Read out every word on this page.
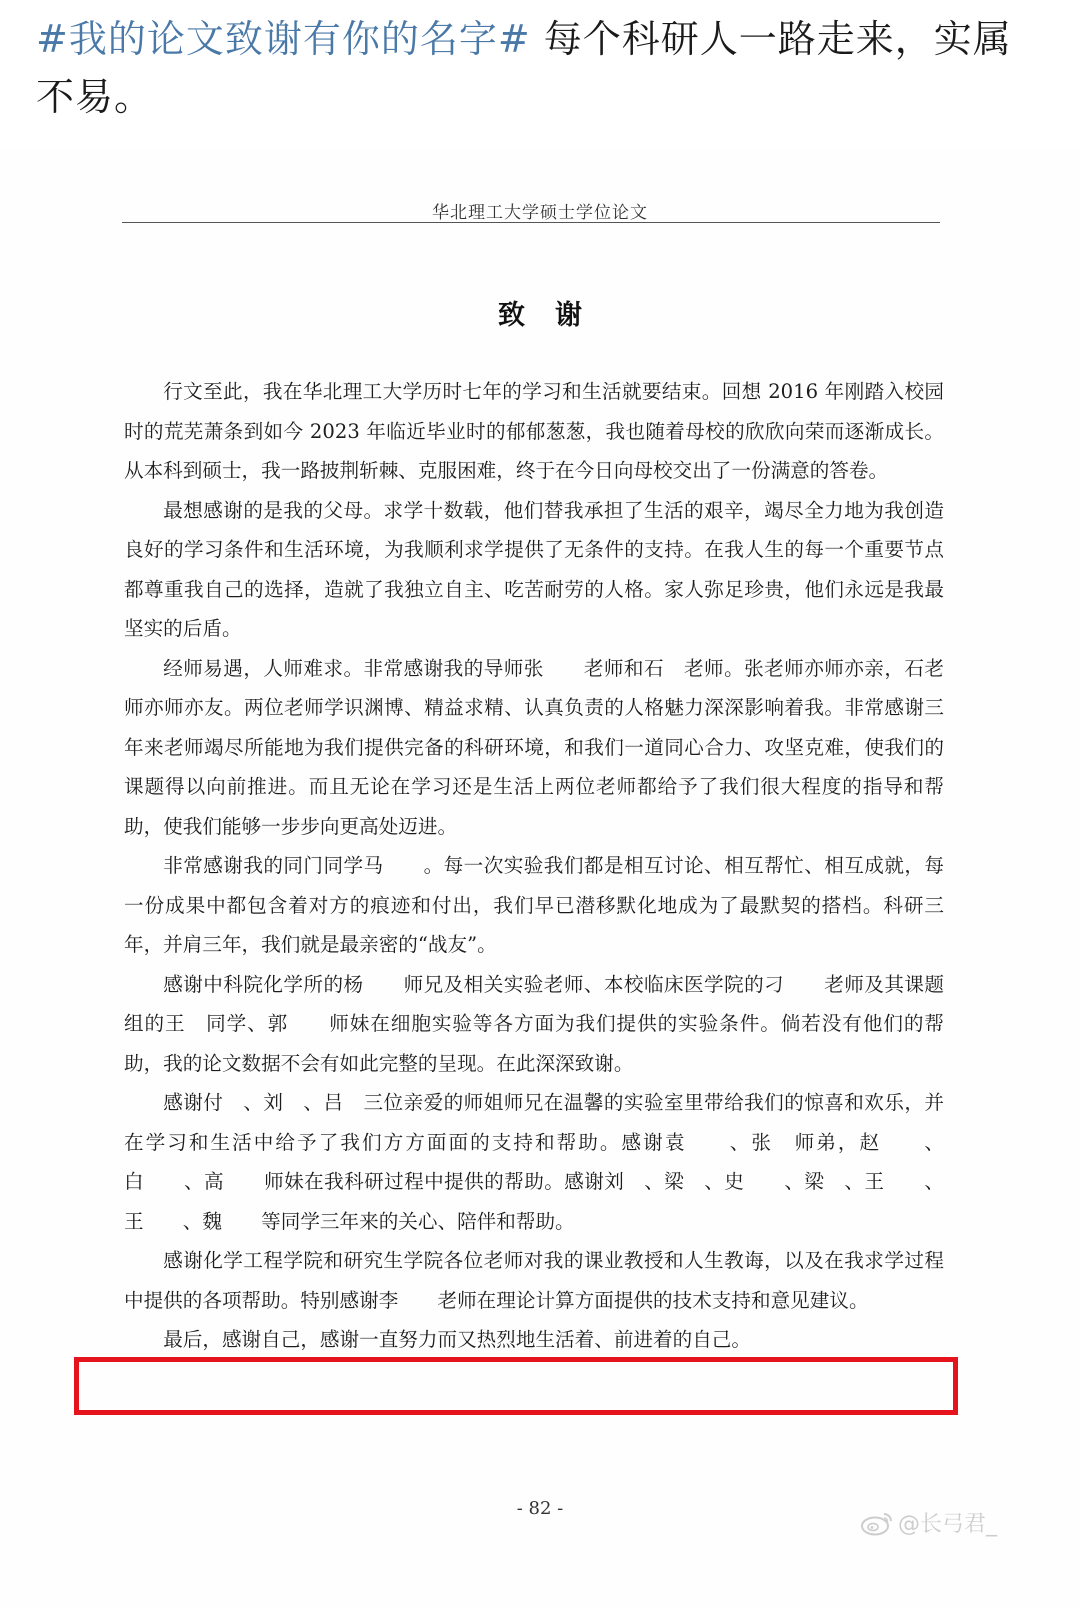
#我的论文致谢有你的名字# 每个科研人一路走来，实属不易。
华北理工大学硕士学位论文
致谢

行文至此，我在华北理工大学历时七年的学习和生活就要结束。回想 2016 年刚踏入校园时的荒芜萧条到如今 2023 年临近毕业时的郁郁葱葱，我也随着母校的欣欣向荣而逐渐成长。从本科到硕士，我一路披荆斩棘、克服困难，终于在今日向母校交出了一份满意的答卷。

最想感谢的是我的父母。求学十数载，他们替我承担了生活的艰辛，竭尽全力地为我创造良好的学习条件和生活环境，为我顺利求学提供了无条件的支持。在我人生的每一个重要节点都尊重我自己的选择，造就了我独立自主、吃苦耐劳的人格。家人弥足珍贵，他们永远是我最坚实的后盾。

经师易遇，人师难求。非常感谢我的导师张　　老师和石　老师。张老师亦师亦亲，石老师亦师亦友。两位老师学识渊博、精益求精、认真负责的人格魅力深深影响着我。非常感谢三年来老师竭尽所能地为我们提供完备的科研环境，和我们一道同心合力、攻坚克难，使我们的课题得以向前推进。而且无论在学习还是生活上两位老师都给予了我们很大程度的指导和帮助，使我们能够一步步向更高处迈进。

非常感谢我的同门同学马　　。每一次实验我们都是相互讨论、相互帮忙、相互成就，每一份成果中都包含着对方的痕迹和付出，我们早已潜移默化地成为了最默契的搭档。科研三年，并肩三年，我们就是最亲密的“战友”。

感谢中科院化学所的杨　　师兄及相关实验老师、本校临床医学院的刁　　老师及其课题组的王　同学、郭　　师妹在细胞实验等各方面为我们提供的实验条件。倘若没有他们的帮助，我的论文数据不会有如此完整的呈现。在此深深致谢。

感谢付　、刘　、吕　三位亲爱的师姐师兄在温馨的实验室里带给我们的惊喜和欢乐，并在学习和生活中给予了我们方方面面的支持和帮助。感谢袁　　、张　师弟，赵　　、白　　、高　　师妹在我科研过程中提供的帮助。感谢刘　、梁　、史　　、梁　、王　　、王　　、魏　　等同学三年来的关心、陪伴和帮助。

感谢化学工程学院和研究生学院各位老师对我的课业教授和人生教诲，以及在我求学过程中提供的各项帮助。特别感谢李　　老师在理论计算方面提供的技术支持和意见建议。

最后，感谢自己，感谢一直努力而又热烈地生活着、前进着的自己。

- 82 -
@长弓君_
